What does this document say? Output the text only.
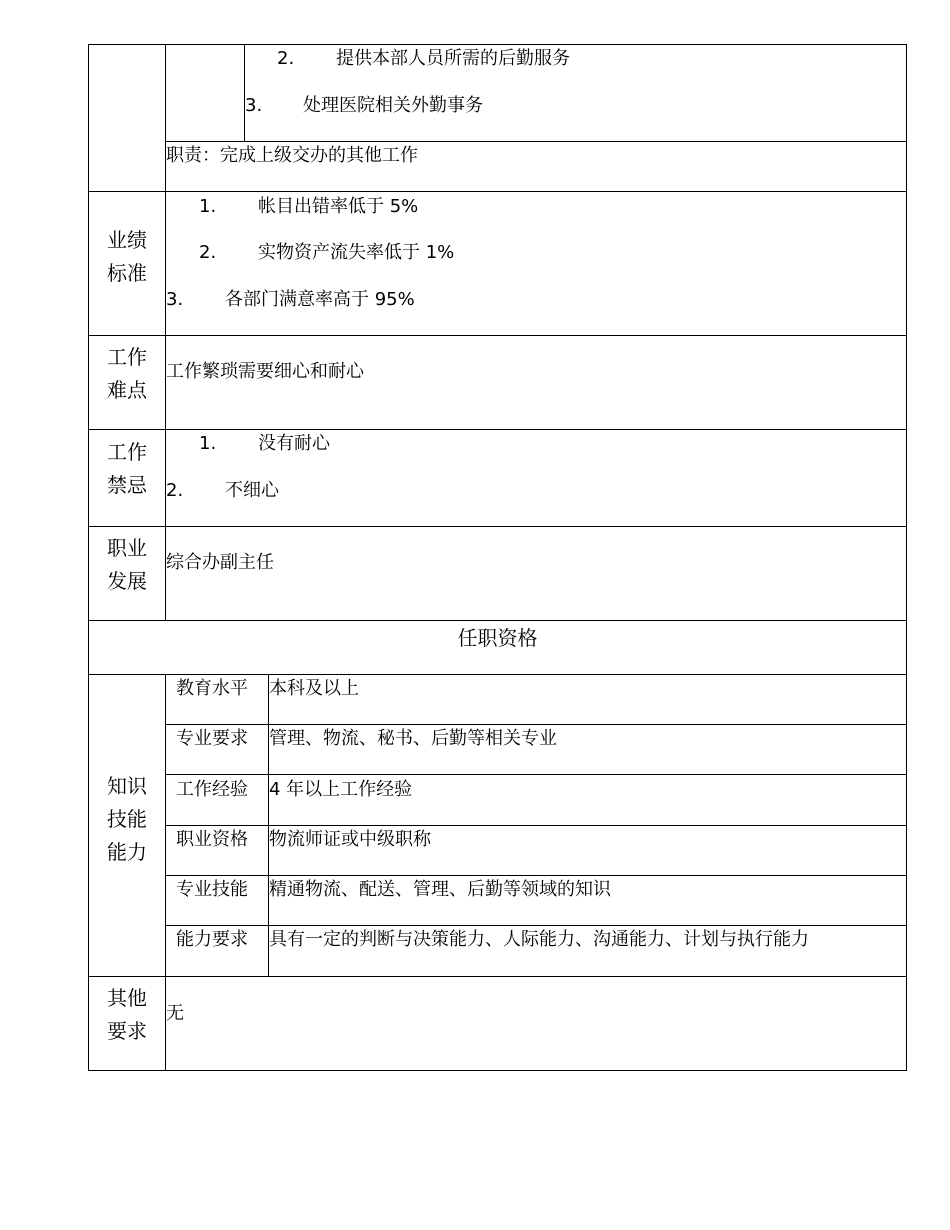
2. 提供本部人员所需的后勤服务
3. 处理医院相关外勤事务
职责：完成上级交办的其他工作
业绩
标准
1. 帐目出错率低于 5%
2. 实物资产流失率低于 1%
3. 各部门满意率高于 95%
工作
难点
工作繁琐需要细心和耐心
工作
禁忌
1. 没有耐心
2. 不细心
职业
发展
综合办副主任
任职资格
知识
技能
能力
教育水平 本科及以上
专业要求 管理、物流、秘书、后勤等相关专业
工作经验 4 年以上工作经验
职业资格 物流师证或中级职称
专业技能 精通物流、配送、管理、后勤等领域的知识
能力要求 具有一定的判断与决策能力、人际能力、沟通能力、计划与执行能力
其他
要求
无
